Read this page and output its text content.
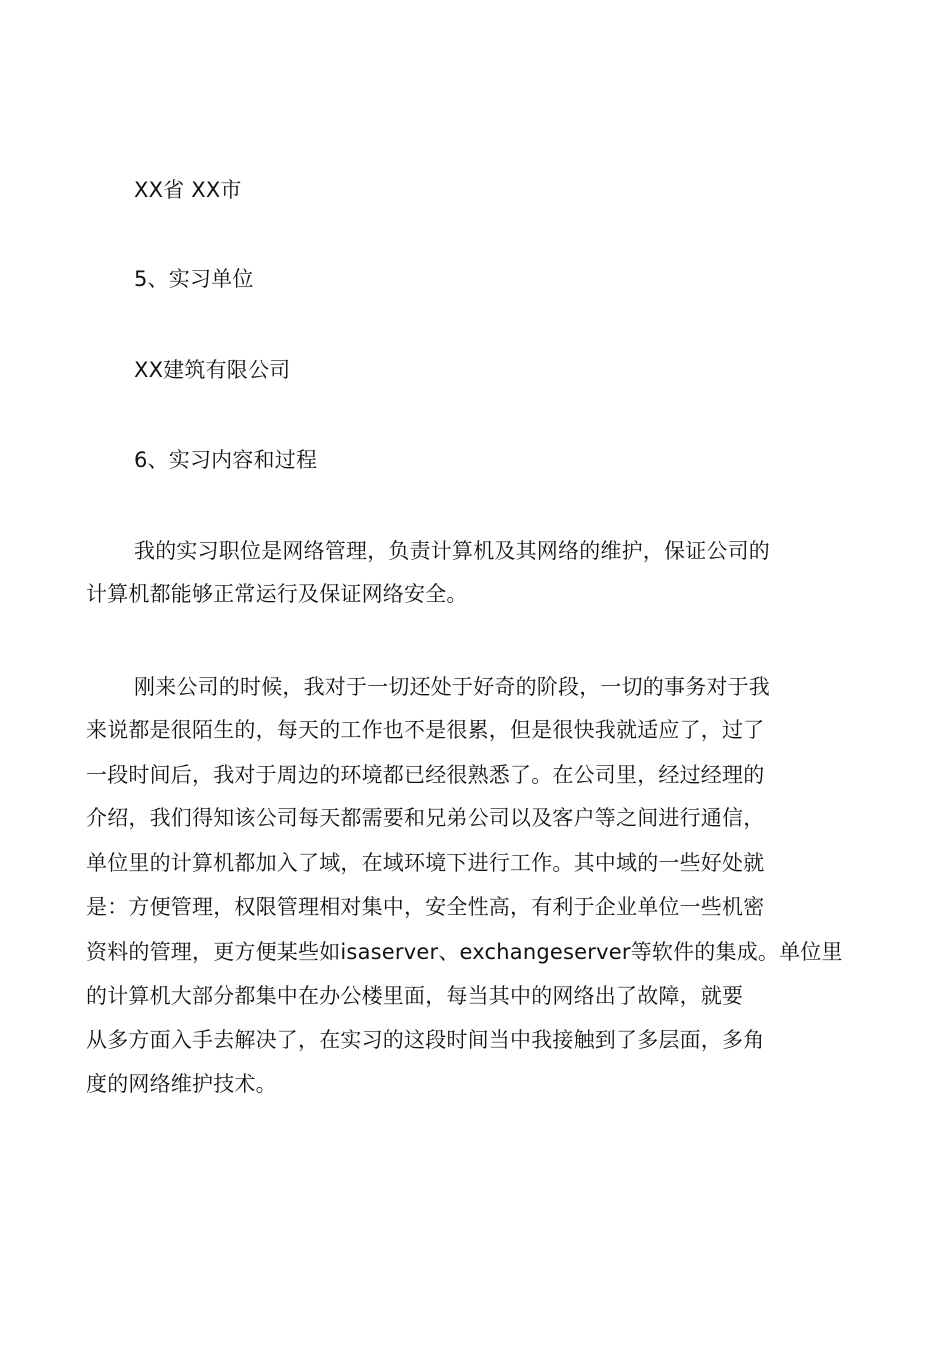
XX省 XX市
5、实习单位
XX建筑有限公司
6、实习内容和过程
我的实习职位是网络管理，负责计算机及其网络的维护，保证公司的
计算机都能够正常运行及保证网络安全。
刚来公司的时候，我对于一切还处于好奇的阶段，一切的事务对于我
来说都是很陌生的，每天的工作也不是很累，但是很快我就适应了，过了
一段时间后，我对于周边的环境都已经很熟悉了。在公司里，经过经理的
介绍，我们得知该公司每天都需要和兄弟公司以及客户等之间进行通信，
单位里的计算机都加入了域，在域环境下进行工作。其中域的一些好处就
是：方便管理，权限管理相对集中，安全性高，有利于企业单位一些机密
资料的管理，更方便某些如isaserver、exchangeserver等软件的集成。单位里
的计算机大部分都集中在办公楼里面，每当其中的网络出了故障，就要
从多方面入手去解决了，在实习的这段时间当中我接触到了多层面，多角
度的网络维护技术。
